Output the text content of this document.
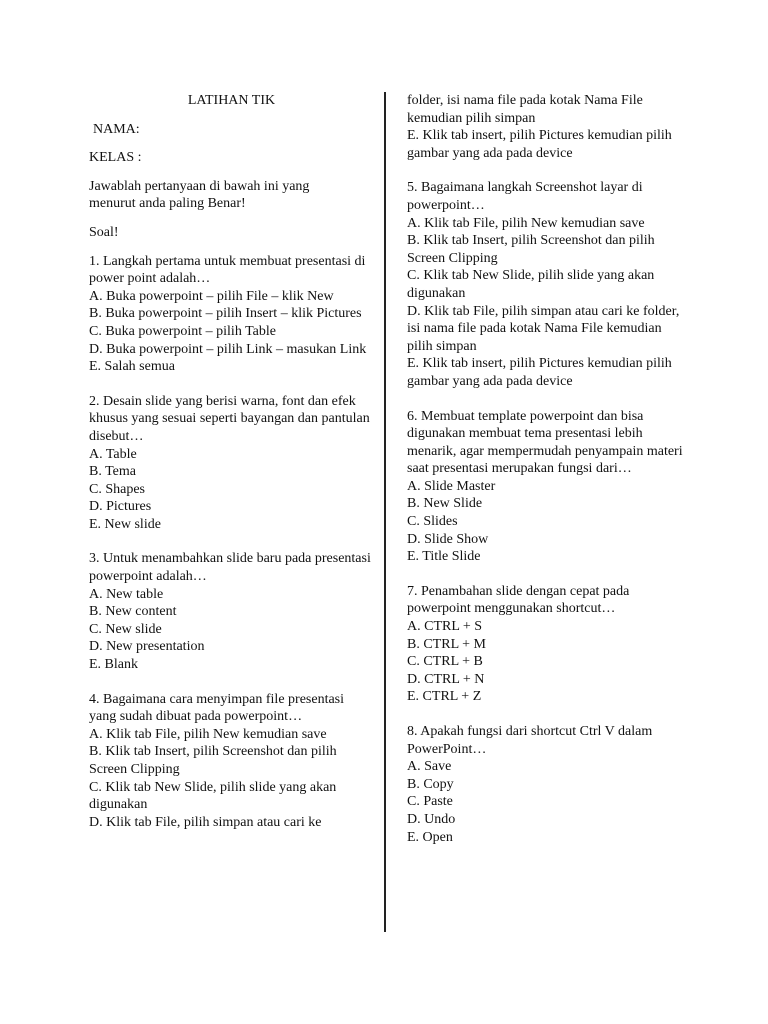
LATIHAN TIK

NAMA:

KELAS :

Jawablah pertanyaan di bawah ini yang menurut anda paling Benar!

Soal!

1. Langkah pertama untuk membuat presentasi di power point adalah…

A. Buka powerpoint – pilih File – klik New

B. Buka powerpoint – pilih Insert – klik Pictures

C. Buka powerpoint – pilih Table

D. Buka powerpoint – pilih Link – masukan Link

E. Salah semua

2. Desain slide yang berisi warna, font dan efek khusus yang sesuai seperti bayangan dan pantulan disebut…

A. Table

B. Tema

C. Shapes

D. Pictures

E. New slide

3. Untuk menambahkan slide baru pada presentasi powerpoint adalah…

A. New table

B. New content

C. New slide

D. New presentation

E. Blank

4. Bagaimana cara menyimpan file presentasi yang sudah dibuat pada powerpoint…

A. Klik tab File, pilih New kemudian save

B. Klik tab Insert, pilih Screenshot dan pilih Screen Clipping

C. Klik tab New Slide, pilih slide yang akan digunakan

D. Klik tab File, pilih simpan atau cari ke

folder, isi nama file pada kotak Nama File kemudian pilih simpan

E. Klik tab insert, pilih Pictures kemudian pilih gambar yang ada pada device

5. Bagaimana langkah Screenshot layar di powerpoint…

A. Klik tab File, pilih New kemudian save

B. Klik tab Insert, pilih Screenshot dan pilih Screen Clipping

C. Klik tab New Slide, pilih slide yang akan digunakan

D. Klik tab File, pilih simpan atau cari ke folder, isi nama file pada kotak Nama File kemudian pilih simpan

E. Klik tab insert, pilih Pictures kemudian pilih gambar yang ada pada device

6. Membuat template powerpoint dan bisa digunakan membuat tema presentasi lebih menarik, agar mempermudah penyampain materi saat presentasi merupakan fungsi dari…

A. Slide Master

B. New Slide

C. Slides

D. Slide Show

E. Title Slide

7. Penambahan slide dengan cepat pada powerpoint menggunakan shortcut…

A. CTRL + S

B. CTRL + M

C. CTRL + B

D. CTRL + N

E. CTRL + Z

8. Apakah fungsi dari shortcut Ctrl V dalam PowerPoint…

A. Save

B. Copy

C. Paste

D. Undo

E. Open
